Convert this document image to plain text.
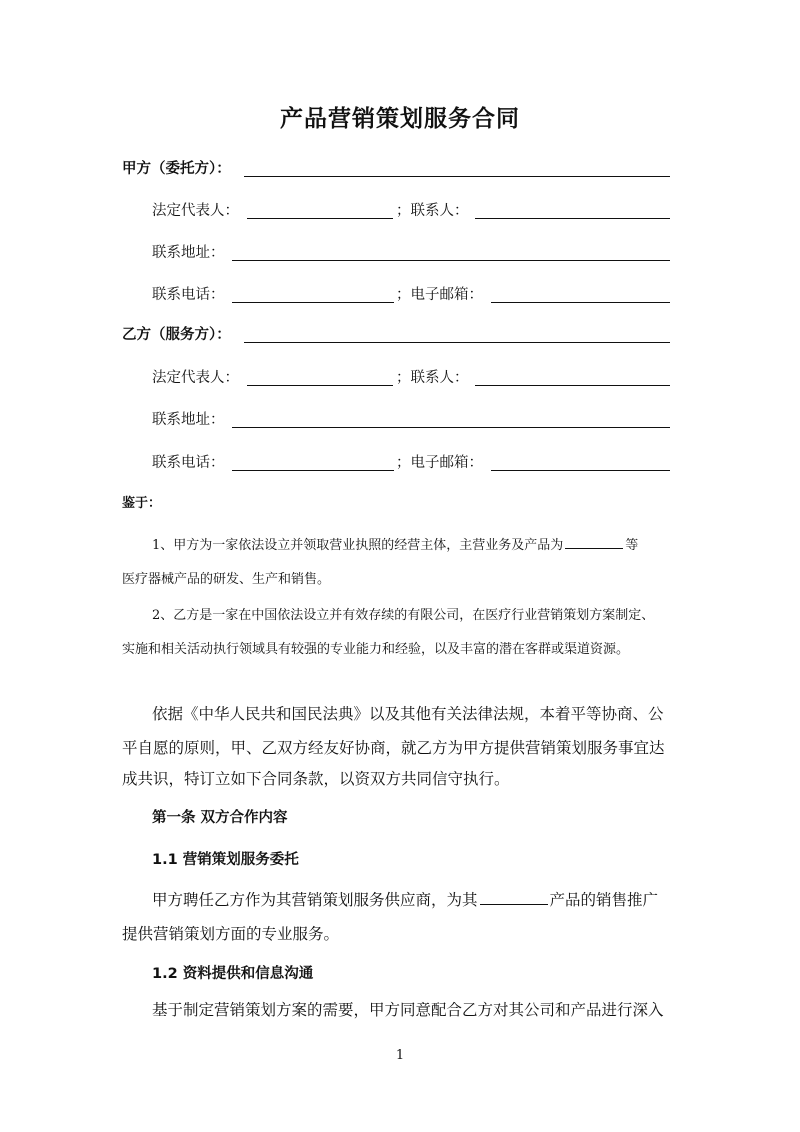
产品营销策划服务合同
甲方（委托方）：
法定代表人：	；联系人：
联系地址：
联系电话：	；电子邮箱：
乙方（服务方）：
法定代表人：	；联系人：
联系地址：
联系电话：	；电子邮箱：
鉴于：
1、甲方为一家依法设立并领取营业执照的经营主体，主营业务及产品为	等
医疗器械产品的研发、生产和销售。
2、乙方是一家在中国依法设立并有效存续的有限公司，在医疗行业营销策划方案制定、
实施和相关活动执行领域具有较强的专业能力和经验，以及丰富的潜在客群或渠道资源。
依据《中华人民共和国民法典》以及其他有关法律法规，本着平等协商、公
平自愿的原则，甲、乙双方经友好协商，就乙方为甲方提供营销策划服务事宜达
成共识，特订立如下合同条款，以资双方共同信守执行。
第一条 双方合作内容
1.1 营销策划服务委托
甲方聘任乙方作为其营销策划服务供应商，为其	产品的销售推广
提供营销策划方面的专业服务。
1.2 资料提供和信息沟通
基于制定营销策划方案的需要，甲方同意配合乙方对其公司和产品进行深入
1
